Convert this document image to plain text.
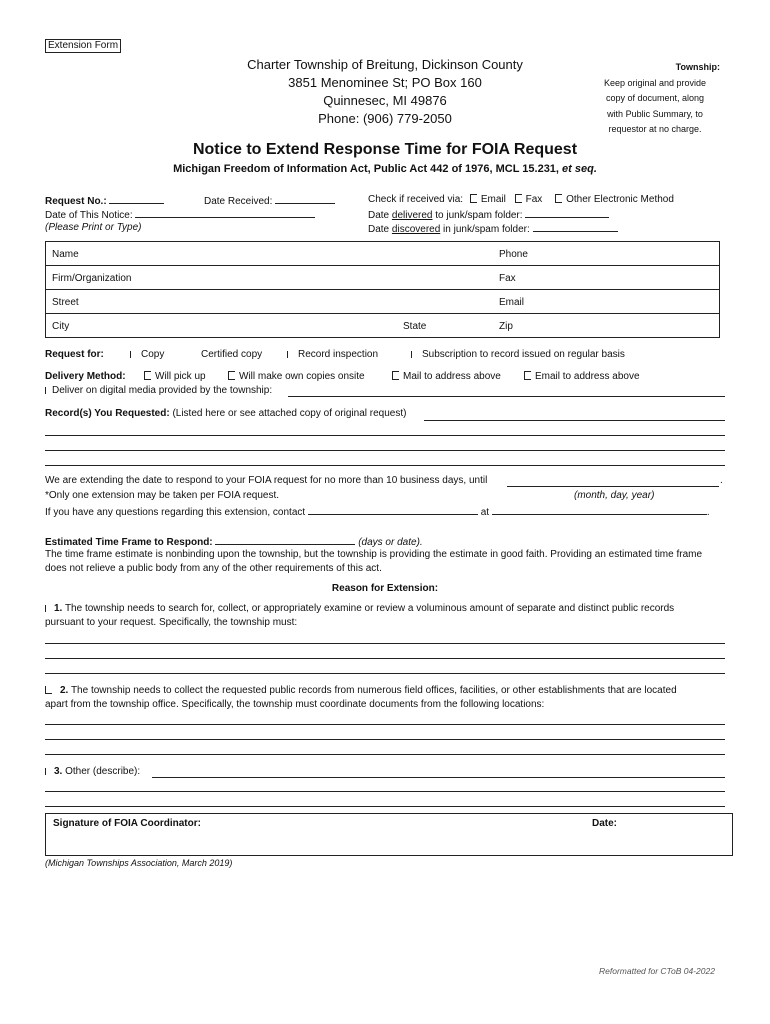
Extension Form
Charter Township of Breitung, Dickinson County
3851 Menominee St; PO Box 160
Quinnesec, MI 49876
Phone: (906) 779-2050
Township:
Keep original and provide
copy of document, along
with Public Summary, to
requestor at no charge.
Notice to Extend Response Time for FOIA Request
Michigan Freedom of Information Act, Public Act 442 of 1976, MCL 15.231, et seq.
Request No.:	Date Received:
Date of This Notice:
(Please Print or Type)
Check if received via: Email Fax Other Electronic Method
Date delivered to junk/spam folder:
Date discovered in junk/spam folder:
Name	Phone
Firm/Organization	Fax
Street	Email
City	State	Zip
Request for:	Copy	Certified copy	Record inspection	Subscription to record issued on regular basis
Delivery Method:	Will pick up	Will make own copies onsite	Mail to address above	Email to address above
Deliver on digital media provided by the township:
Record(s) You Requested: (Listed here or see attached copy of original request)
We are extending the date to respond to your FOIA request for no more than 10 business days, until	.
*Only one extension may be taken per FOIA request.	(month, day, year)
If you have any questions regarding this extension, contact	at	.
Estimated Time Frame to Respond:	(days or date).
The time frame estimate is nonbinding upon the township, but the township is providing the estimate in good faith. Providing an estimated time frame
does not relieve a public body from any of the other requirements of this act.
Reason for Extension:
1. The township needs to search for, collect, or appropriately examine or review a voluminous amount of separate and distinct public records
pursuant to your request. Specifically, the township must:
2. The township needs to collect the requested public records from numerous field offices, facilities, or other establishments that are located
apart from the township office. Specifically, the township must coordinate documents from the following locations:
3. Other (describe):
Signature of FOIA Coordinator:	Date:
(Michigan Townships Association, March 2019)
Reformatted for CToB 04-2022
